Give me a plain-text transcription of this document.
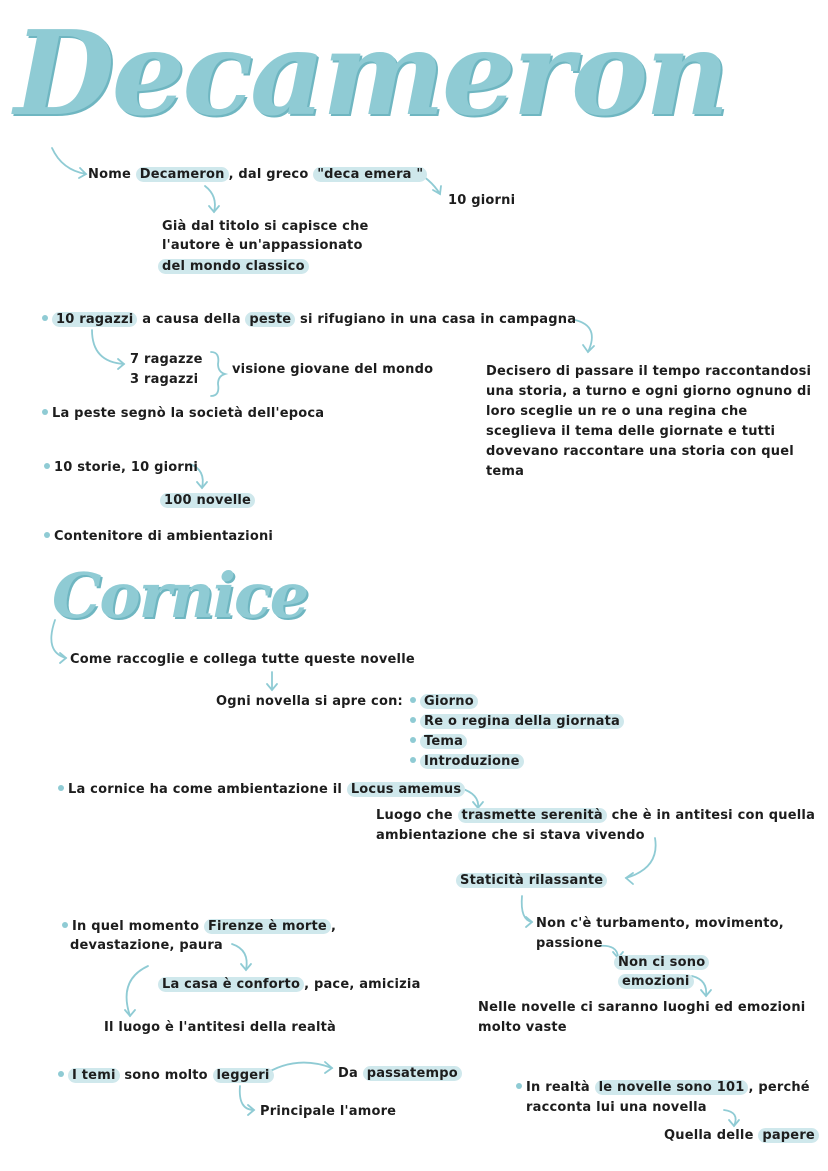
Decameron
Nome Decameron , dal greco "deca emera "
10 giorni
Già dal titolo si capisce che
l'autore è un'appassionato
del mondo classico
10 ragazzi a causa della peste si rifugiano in una casa in campagna
7 ragazze
3 ragazzi
visione giovane del mondo
La peste segnò la società dell'epoca
Decisero di passare il tempo raccontandosi
una storia, a turno e ogni giorno ognuno di
loro sceglie un re o una regina che
sceglieva il tema delle giornate e tutti
dovevano raccontare una storia con quel
tema
10 storie, 10 giorni
100 novelle
Contenitore di ambientazioni
Cornice
Come raccoglie e collega tutte queste novelle
Ogni novella si apre con:	Giorno
Re o regina della giornata
Tema
Introduzione
La cornice ha come ambientazione il Locus amemus
Luogo che trasmette serenità che è in antitesi con quella
ambientazione che si stava vivendo
Staticità rilassante
In quel momento Firenze è morte ,
devastazione, paura
La casa è conforto , pace, amicizia
Il luogo è l'antitesi della realtà
Non c'è turbamento, movimento,
passione
Non ci sono
emozioni
Nelle novelle ci saranno luoghi ed emozioni
molto vaste
I temi sono molto leggeri	Da passatempo
Principale l'amore
In realtà le novelle sono 101 , perché
racconta lui una novella
Quella delle papere
